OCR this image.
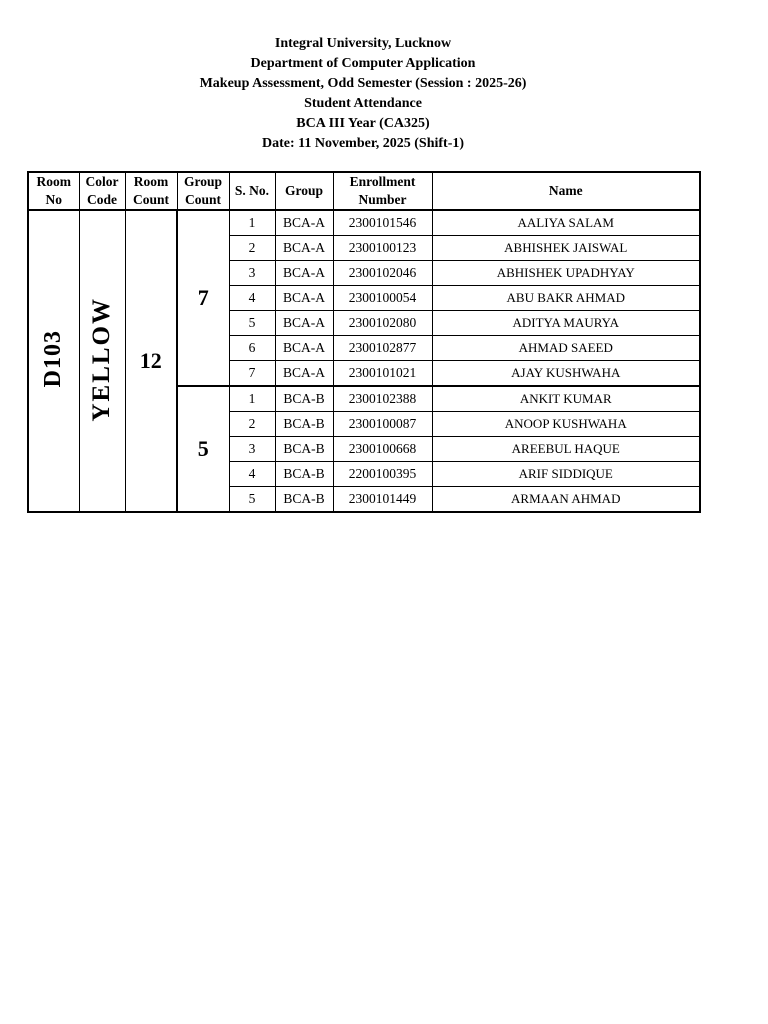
Integral University, Lucknow
Department of Computer Application
Makeup Assessment, Odd Semester (Session : 2025-26)
Student Attendance
BCA III Year (CA325)
Date: 11 November, 2025 (Shift-1)
Room No	Color Code	Room Count	Group Count	S. No.	Group	Enrollment Number	Name
D103	YELLOW	12	7	1	BCA-A	2300101546	AALIYA SALAM
				2	BCA-A	2300100123	ABHISHEK JAISWAL
				3	BCA-A	2300102046	ABHISHEK UPADHYAY
				4	BCA-A	2300100054	ABU BAKR AHMAD
				5	BCA-A	2300102080	ADITYA MAURYA
				6	BCA-A	2300102877	AHMAD SAEED
				7	BCA-A	2300101021	AJAY KUSHWAHA
			5	1	BCA-B	2300102388	ANKIT KUMAR
				2	BCA-B	2300100087	ANOOP KUSHWAHA
				3	BCA-B	2300100668	AREEBUL HAQUE
				4	BCA-B	2200100395	ARIF SIDDIQUE
				5	BCA-B	2300101449	ARMAAN AHMAD
